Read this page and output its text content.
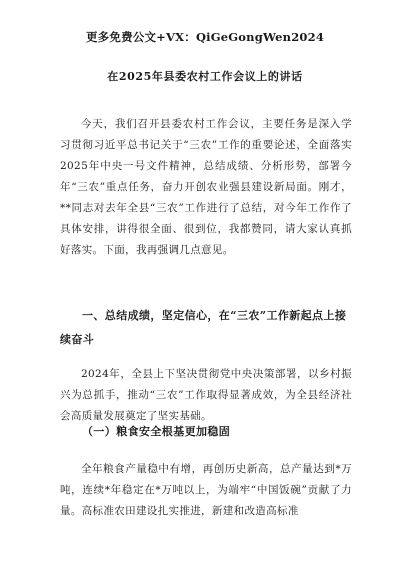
更多免费公文+VX：QiGeGongWen2024
在2025年县委农村工作会议上的讲话
今天，我们召开县委农村工作会议，主要任务是深入学习贯彻习近平总书记关于“三农”工作的重要论述，全面落实2025年中央一号文件精神，总结成绩、分析形势，部署今年“三农”重点任务，奋力开创农业强县建设新局面。刚才，**同志对去年全县“三农”工作进行了总结，对今年工作作了具体安排，讲得很全面、很到位，我都赞同，请大家认真抓好落实。下面，我再强调几点意见。
一、总结成绩，坚定信心，在“三农”工作新起点上接续奋斗
2024年，全县上下坚决贯彻党中央决策部署，以乡村振兴为总抓手，推动“三农”工作取得显著成效，为全县经济社会高质量发展奠定了坚实基础。
（一）粮食安全根基更加稳固
全年粮食产量稳中有增，再创历史新高，总产量达到*万吨，连续*年稳定在*万吨以上，为端牢“中国饭碗”贡献了力量。高标准农田建设扎实推进，新建和改造高标准
